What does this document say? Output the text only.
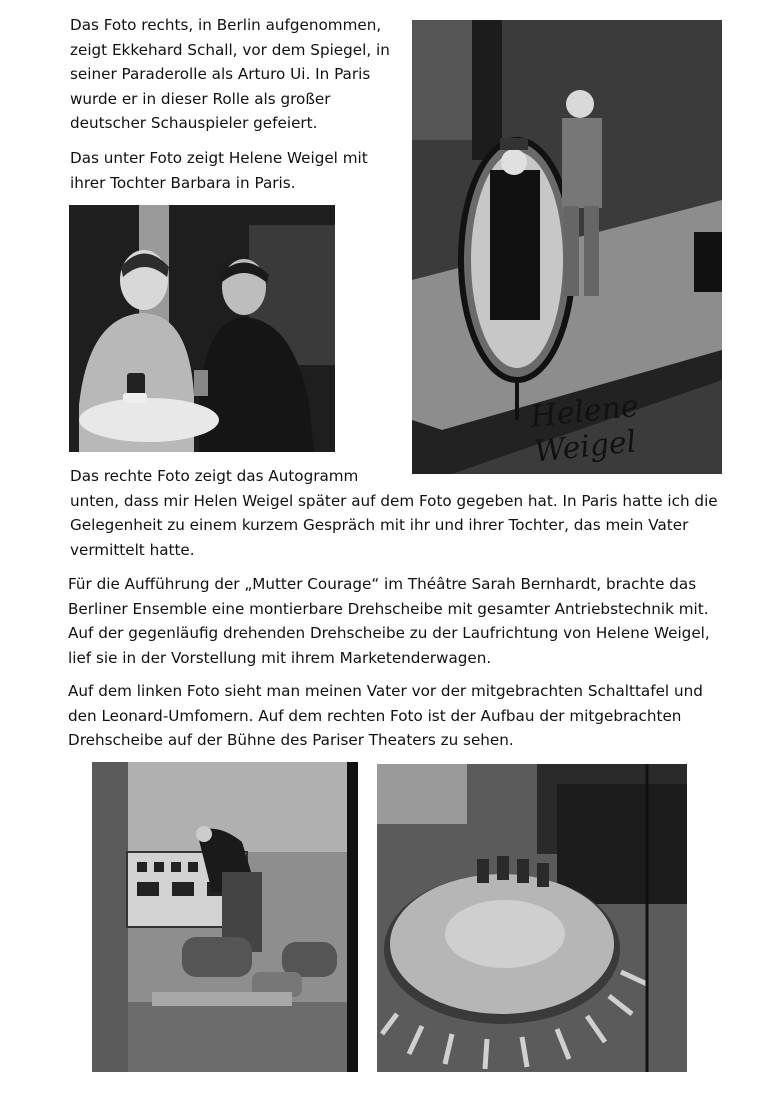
Das Foto rechts, in Berlin aufgenommen,
zeigt Ekkehard Schall, vor dem Spiegel, in
seiner Paraderolle als Arturo Ui. In Paris
wurde er in dieser Rolle als großer
deutscher Schauspieler gefeiert.
Das unter Foto zeigt Helene Weigel mit
ihrer Tochter Barbara in Paris.
Helene Weigel
Das rechte Foto zeigt das Autogramm
unten, dass mir Helen Weigel später auf dem Foto gegeben hat. In Paris hatte ich die
Gelegenheit zu einem kurzem Gespräch mit ihr und ihrer Tochter, das mein Vater
vermittelt hatte.
Für die Aufführung der „Mutter Courage“ im Théâtre Sarah Bernhardt, brachte das
Berliner Ensemble eine montierbare Drehscheibe mit gesamter Antriebstechnik mit.
Auf der gegenläufig drehenden Drehscheibe zu der Laufrichtung von Helene Weigel,
lief sie in der Vorstellung mit ihrem Marketenderwagen.
Auf dem linken Foto sieht man meinen Vater vor der mitgebrachten Schalttafel und
den Leonard-Umfomern. Auf dem rechten Foto ist der Aufbau der mitgebrachten
Drehscheibe auf der Bühne des Pariser Theaters zu sehen.
